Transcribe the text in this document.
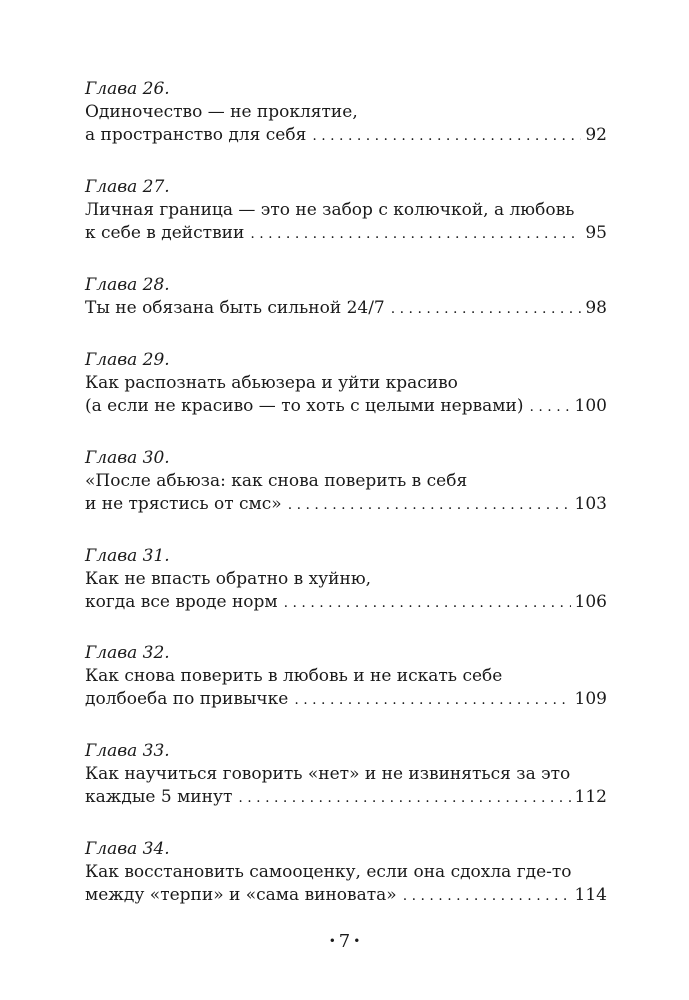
Глава 26.
Одиночество — не проклятие,
а пространство для себя . . .	92
Глава 27.
Личная граница — это не забор с колючкой, а любовь
к себе в действии . . .	95
Глава 28.
Ты не обязана быть сильной 24/7 . . .	98
Глава 29.
Как распознать абьюзера и уйти красиво
(а если не красиво — то хоть с целыми нервами) . . .	100
Глава 30.
«После абьюза: как снова поверить в себя
и не трястись от смс» . . .	103
Глава 31.
Как не впасть обратно в хуйню,
когда все вроде норм . . .	106
Глава 32.
Как снова поверить в любовь и не искать себе
долбоеба по привычке . . .	109
Глава 33.
Как научиться говорить «нет» и не извиняться за это
каждые 5 минут . . .	112
Глава 34.
Как восстановить самооценку, если она сдохла где-то
между «терпи» и «сама виновата» . . .	114
• 7 •
